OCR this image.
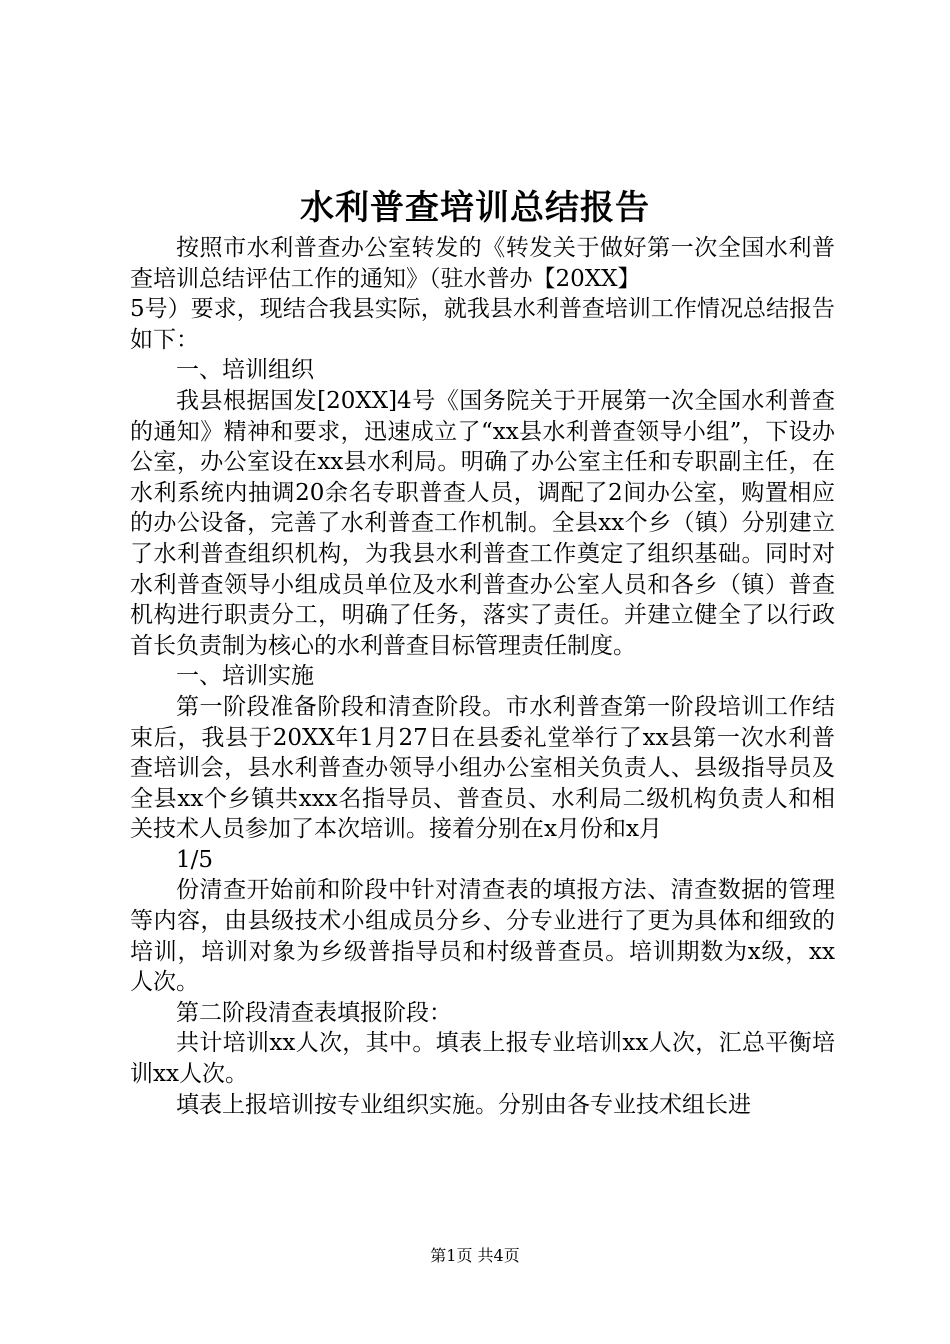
水利普查培训总结报告

按照市水利普查办公室转发的《转发关于做好第一次全国水利普查培训总结评估工作的通知》（驻水普办【20XX】

5号）要求，现结合我县实际，就我县水利普查培训工作情况总结报告如下：

一、培训组织

我县根据国发[20XX]4号《国务院关于开展第一次全国水利普查的通知》精神和要求，迅速成立了“xx县水利普查领导小组”，下设办公室，办公室设在xx县水利局。明确了办公室主任和专职副主任，在水利系统内抽调20余名专职普查人员，调配了2间办公室，购置相应的办公设备，完善了水利普查工作机制。全县xx个乡（镇）分别建立了水利普查组织机构，为我县水利普查工作奠定了组织基础。同时对水利普查领导小组成员单位及水利普查办公室人员和各乡（镇）普查机构进行职责分工，明确了任务，落实了责任。并建立健全了以行政首长负责制为核心的水利普查目标管理责任制度。

一、培训实施

第一阶段准备阶段和清查阶段。市水利普查第一阶段培训工作结束后，我县于20XX年1月27日在县委礼堂举行了xx县第一次水利普查培训会，县水利普查办领导小组办公室相关负责人、县级指导员及全县xx个乡镇共xxx名指导员、普查员、水利局二级机构负责人和相关技术人员参加了本次培训。接着分别在x月份和x月

1/5

份清查开始前和阶段中针对清查表的填报方法、清查数据的管理等内容，由县级技术小组成员分乡、分专业进行了更为具体和细致的培训，培训对象为乡级普指导员和村级普查员。培训期数为x级，xx人次。

第二阶段清查表填报阶段：

共计培训xx人次，其中。填表上报专业培训xx人次，汇总平衡培训xx人次。

填表上报培训按专业组织实施。分别由各专业技术组长进

第1页 共4页
